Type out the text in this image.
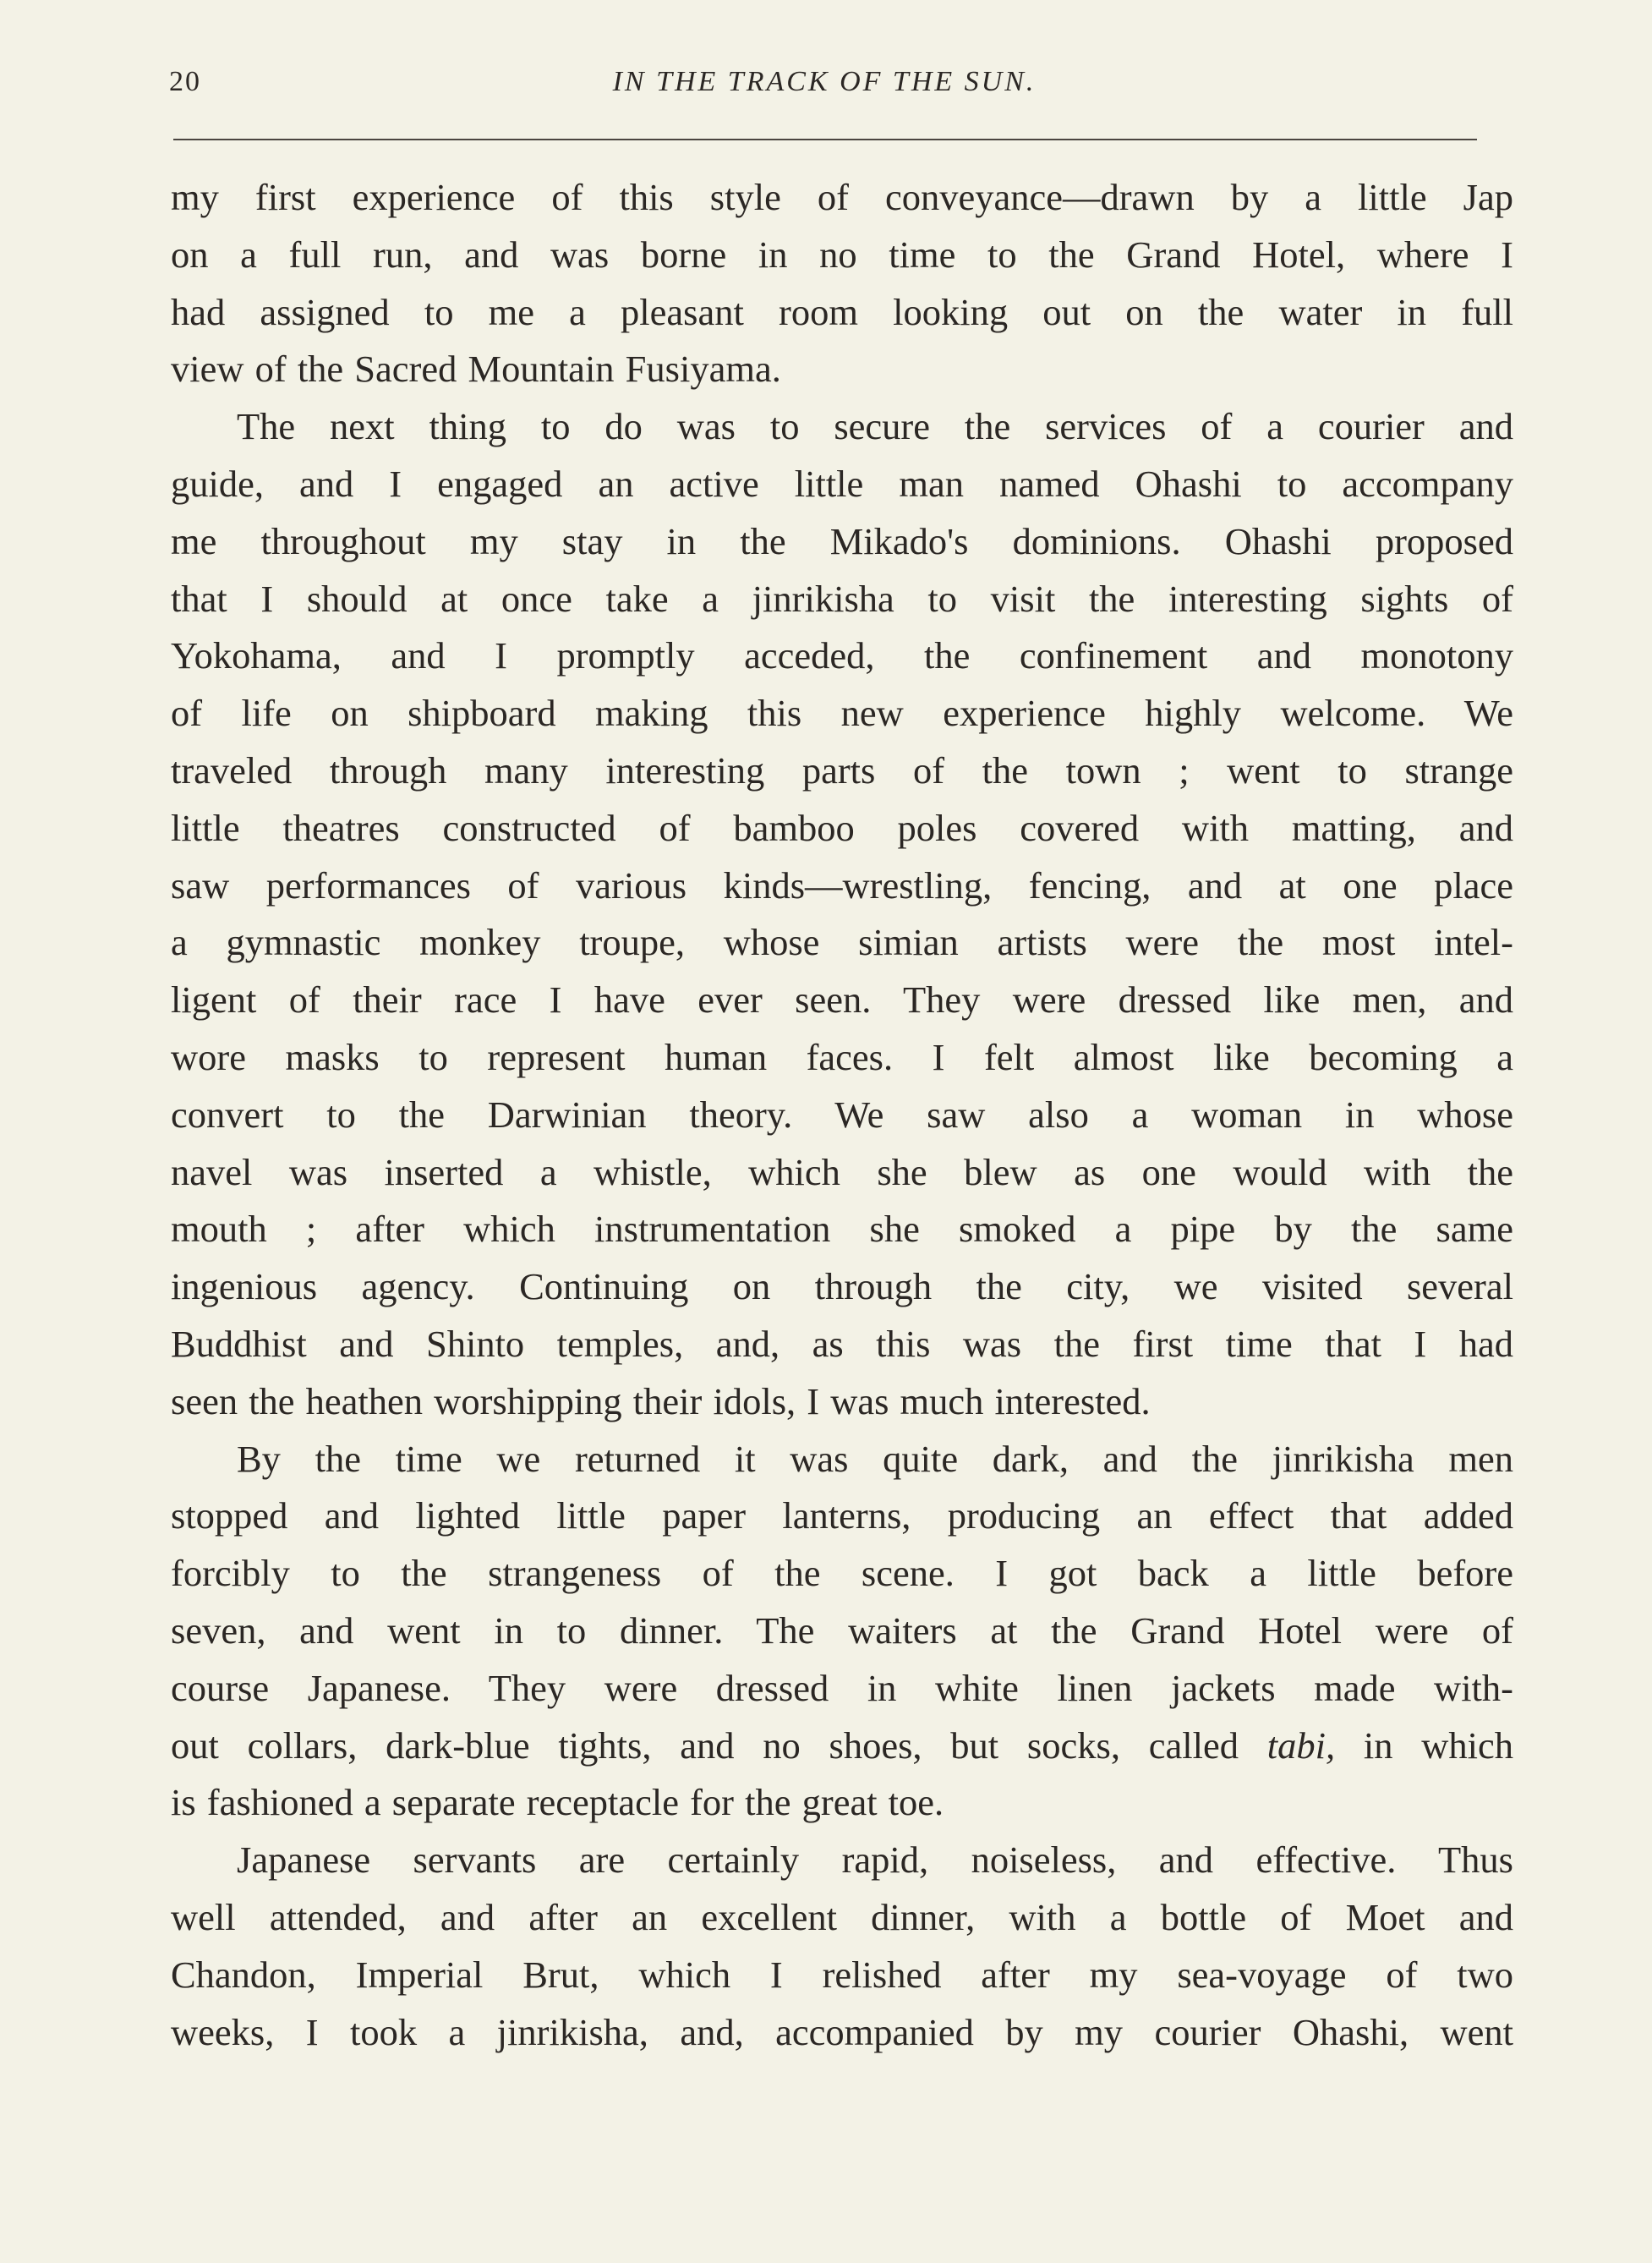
20	IN THE TRACK OF THE SUN.

my first experience of this style of conveyance—drawn by a little Jap
on a full run, and was borne in no time to the Grand Hotel, where I
had assigned to me a pleasant room looking out on the water in full
view of the Sacred Mountain Fusiyama.

The next thing to do was to secure the services of a courier and
guide, and I engaged an active little man named Ohashi to accompany
me throughout my stay in the Mikado's dominions. Ohashi proposed
that I should at once take a jinrikisha to visit the interesting sights of
Yokohama, and I promptly acceded, the confinement and monotony
of life on shipboard making this new experience highly welcome. We
traveled through many interesting parts of the town ; went to strange
little theatres constructed of bamboo poles covered with matting, and
saw performances of various kinds—wrestling, fencing, and at one place
a gymnastic monkey troupe, whose simian artists were the most intel-
ligent of their race I have ever seen. They were dressed like men, and
wore masks to represent human faces. I felt almost like becoming a
convert to the Darwinian theory. We saw also a woman in whose
navel was inserted a whistle, which she blew as one would with the
mouth ; after which instrumentation she smoked a pipe by the same
ingenious agency. Continuing on through the city, we visited several
Buddhist and Shinto temples, and, as this was the first time that I had
seen the heathen worshipping their idols, I was much interested.

By the time we returned it was quite dark, and the jinrikisha men
stopped and lighted little paper lanterns, producing an effect that added
forcibly to the strangeness of the scene. I got back a little before
seven, and went in to dinner. The waiters at the Grand Hotel were of
course Japanese. They were dressed in white linen jackets made with-
out collars, dark-blue tights, and no shoes, but socks, called tabi, in which
is fashioned a separate receptacle for the great toe.

Japanese servants are certainly rapid, noiseless, and effective. Thus
well attended, and after an excellent dinner, with a bottle of Moet and
Chandon, Imperial Brut, which I relished after my sea-voyage of two
weeks, I took a jinrikisha, and, accompanied by my courier Ohashi, went
